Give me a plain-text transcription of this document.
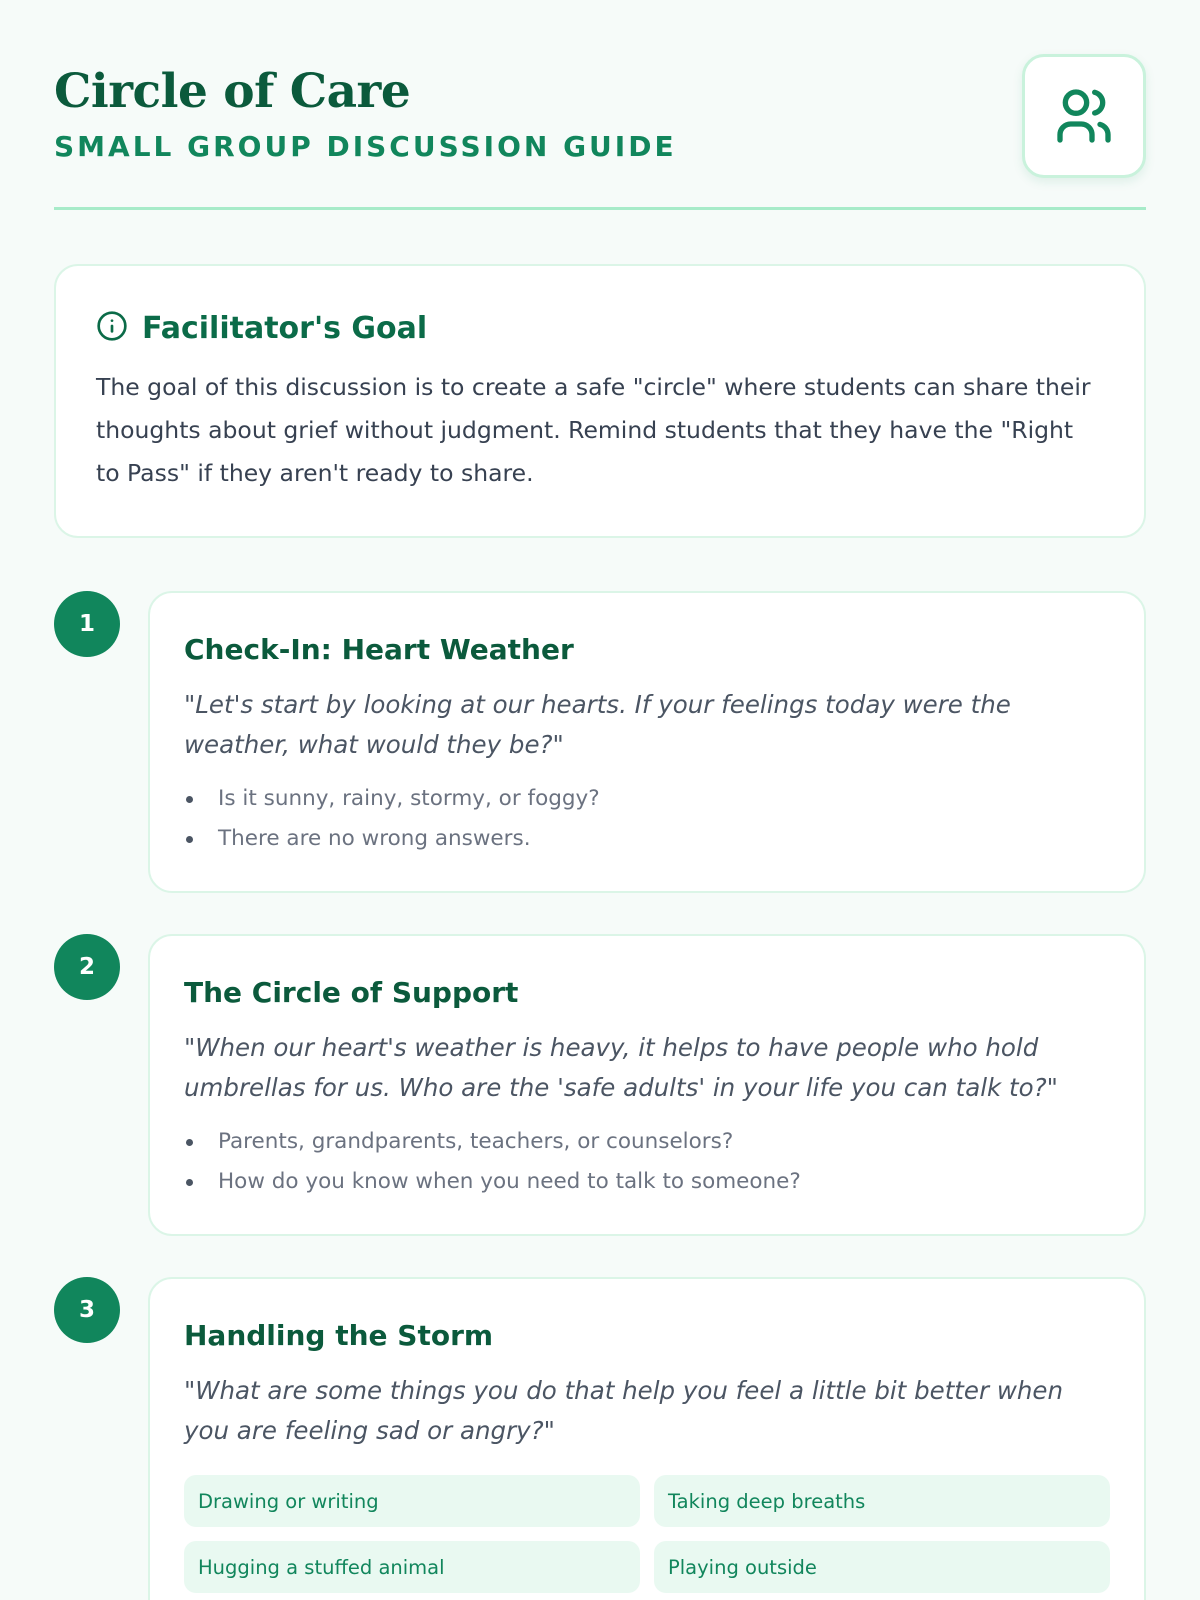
Circle of Care
SMALL GROUP DISCUSSION GUIDE
Facilitator's Goal

The goal of this discussion is to create a safe "circle" where students can share their thoughts about grief without judgment. Remind students that they have the "Right to Pass" if they aren't ready to share.

1
Check-In: Heart Weather

"Let's start by looking at our hearts. If your feelings today were the weather, what would they be?"

Is it sunny, rainy, stormy, or foggy?
There are no wrong answers.
2
The Circle of Support

"When our heart's weather is heavy, it helps to have people who hold umbrellas for us. Who are the 'safe adults' in your life you can talk to?"

Parents, grandparents, teachers, or counselors?
How do you know when you need to talk to someone?
3
Handling the Storm

"What are some things you do that help you feel a little bit better when you are feeling sad or angry?"

Drawing or writing	Taking deep breaths
Hugging a stuffed animal	Playing outside
